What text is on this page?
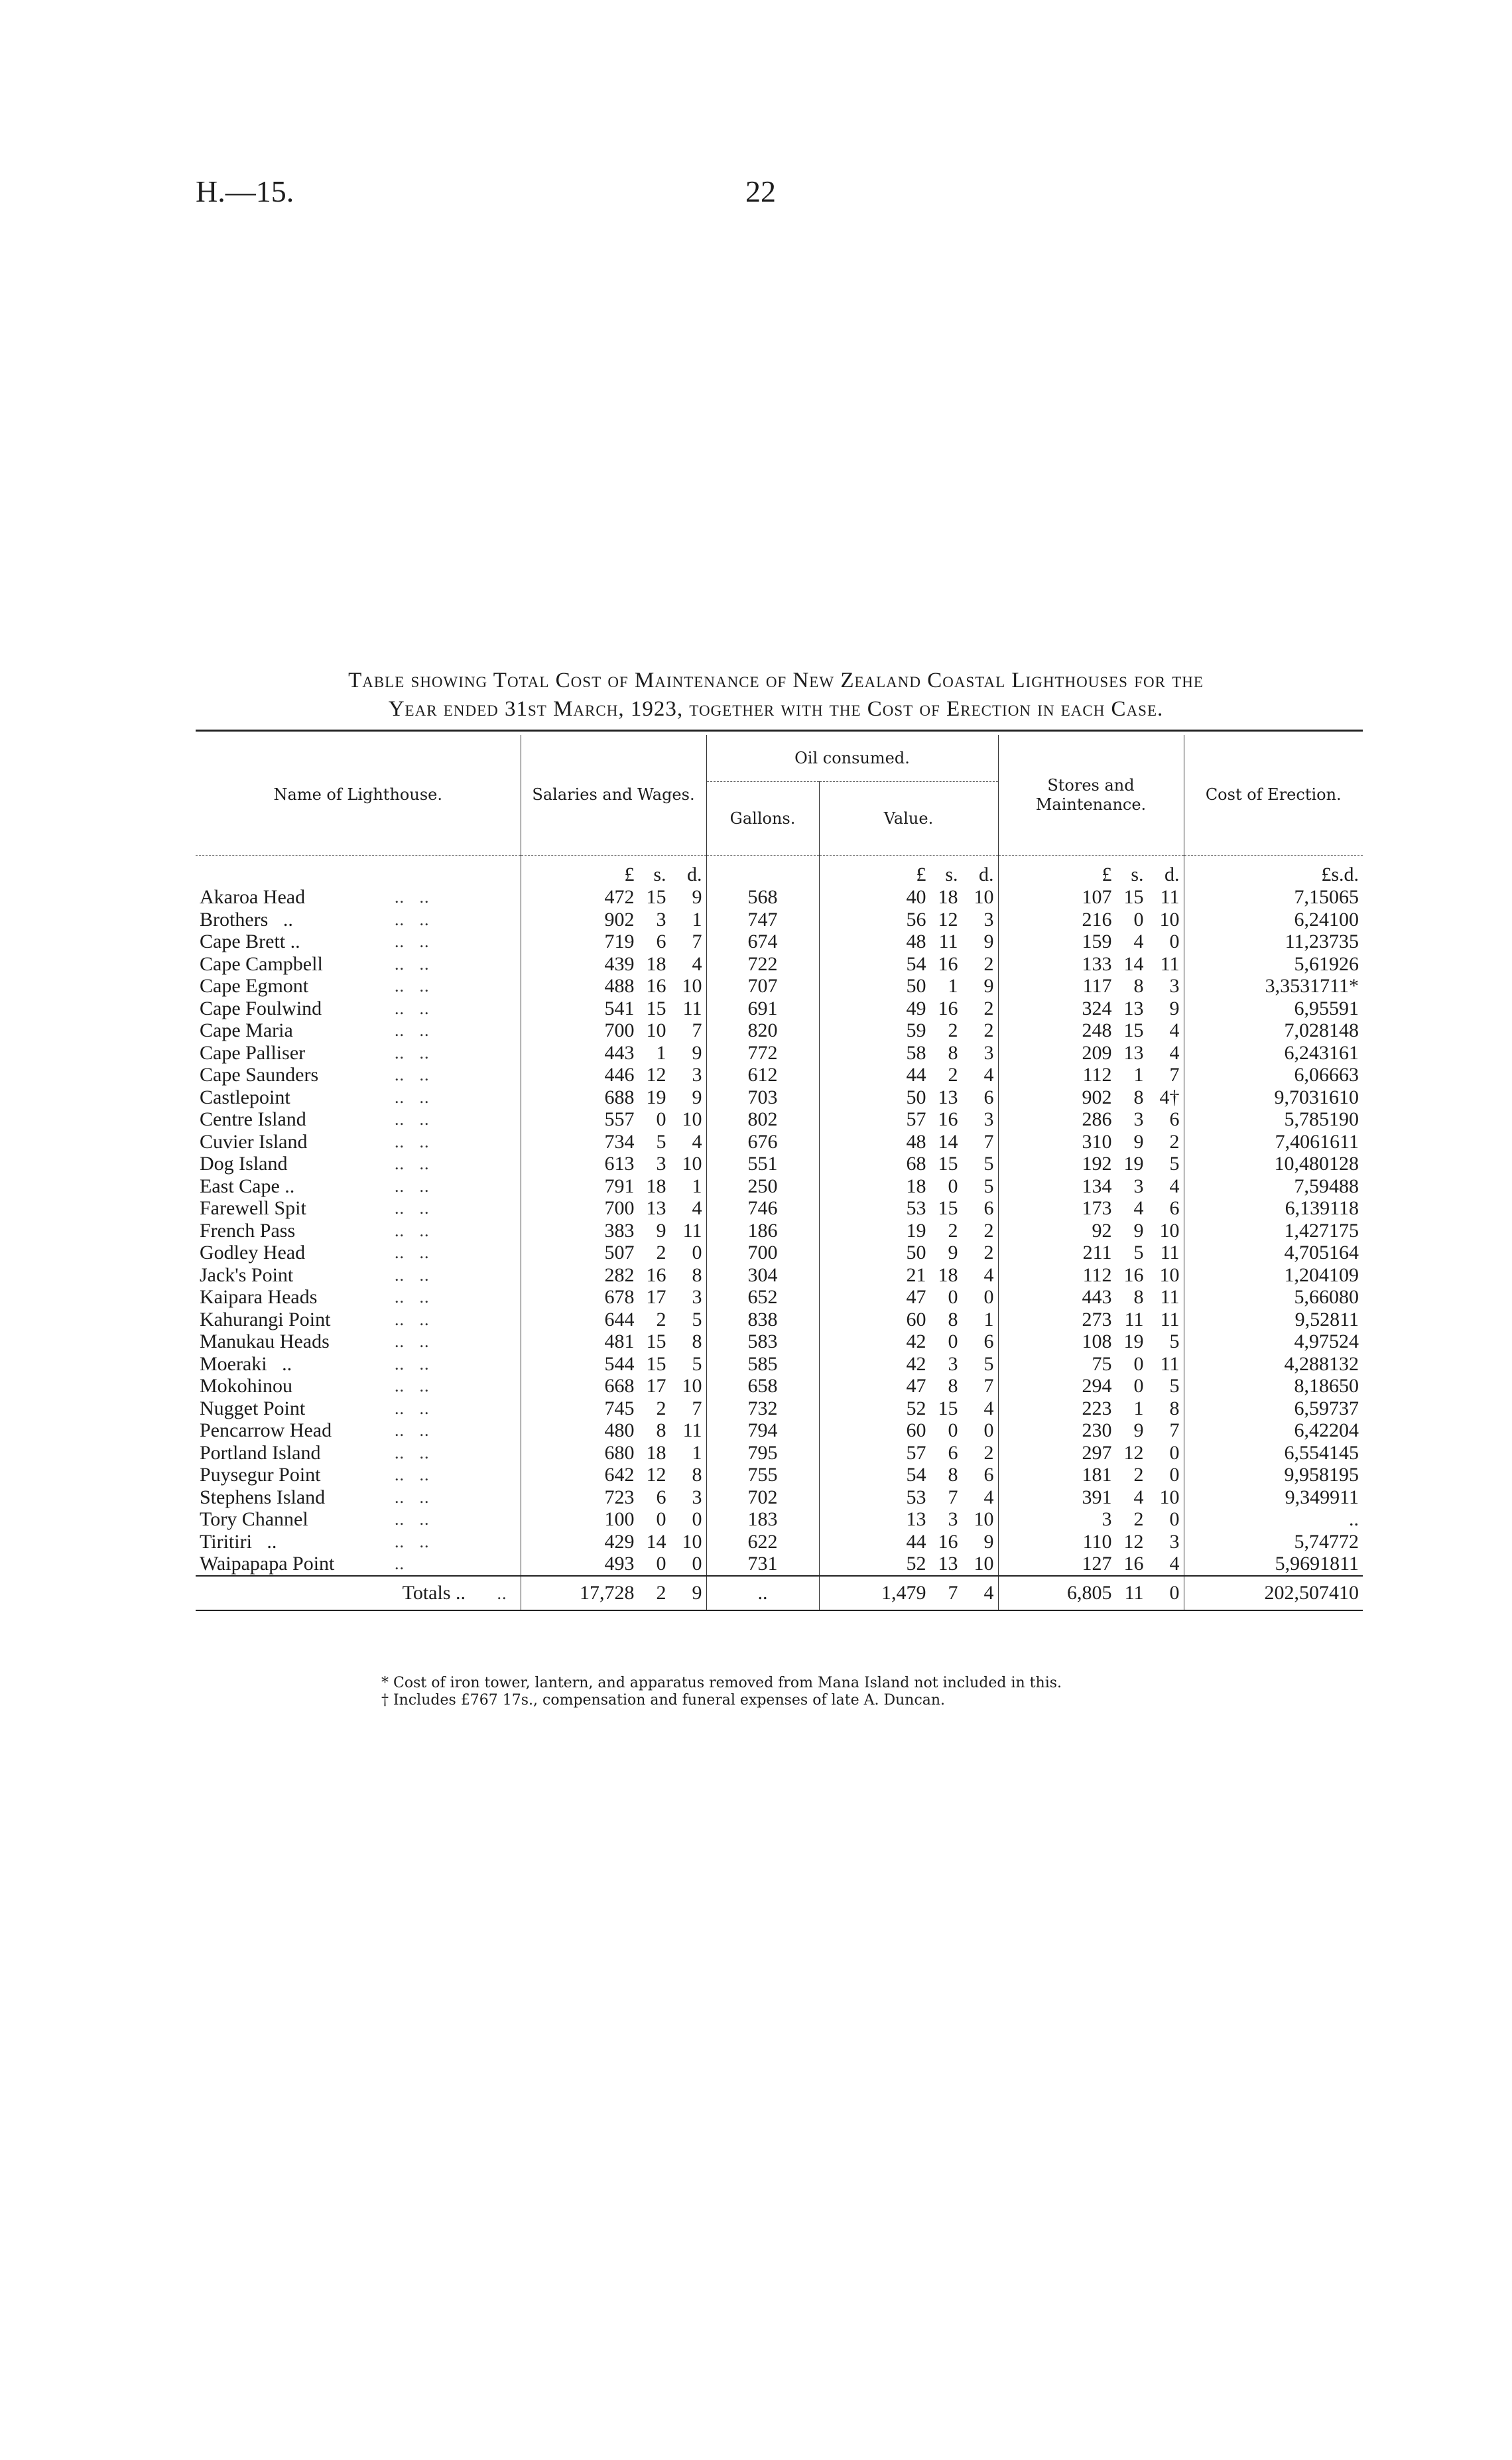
H.—15.	22
Table showing Total Cost of Maintenance of New Zealand Coastal Lighthouses for the
Year ended 31st March, 1923, together with the Cost of Erection in each Case.
Name of Lighthouse.	Salaries and Wages.	Oil consumed.		Stores and Maintenance.	Cost of Erection.
		Gallons.	Value.		
	£ s. d.		£ s. d.	£ s. d.	£s.d.
Akaroa Head ..   ..	472 15 9	568	40 18 10	107 15 11	7,15065
Brothers   .. ..   ..	902 3 1	747	56 12 3	216 0 10	6,24100
Cape Brett .. ..   ..	719 6 7	674	48 11 9	159 4 0	11,23735
Cape Campbell ..   ..	439 18 4	722	54 16 2	133 14 11	5,61926
Cape Egmont ..   ..	488 16 10	707	50 1 9	117 8 3	3,3531711*
Cape Foulwind ..   ..	541 15 11	691	49 16 2	324 13 9	6,95591
Cape Maria ..   ..	700 10 7	820	59 2 2	248 15 4	7,028148
Cape Palliser ..   ..	443 1 9	772	58 8 3	209 13 4	6,243161
Cape Saunders ..   ..	446 12 3	612	44 2 4	112 1 7	6,06663
Castlepoint ..   ..	688 19 9	703	50 13 6	902 8 4†	9,7031610
Centre Island ..   ..	557 0 10	802	57 16 3	286 3 6	5,785190
Cuvier Island ..   ..	734 5 4	676	48 14 7	310 9 2	7,4061611
Dog Island ..   ..	613 3 10	551	68 15 5	192 19 5	10,480128
East Cape .. ..   ..	791 18 1	250	18 0 5	134 3 4	7,59488
Farewell Spit ..   ..	700 13 4	746	53 15 6	173 4 6	6,139118
French Pass ..   ..	383 9 11	186	19 2 2	92 9 10	1,427175
Godley Head ..   ..	507 2 0	700	50 9 2	211 5 11	4,705164
Jack's Point ..   ..	282 16 8	304	21 18 4	112 16 10	1,204109
Kaipara Heads ..   ..	678 17 3	652	47 0 0	443 8 11	5,66080
Kahurangi Point ..   ..	644 2 5	838	60 8 1	273 11 11	9,52811
Manukau Heads ..   ..	481 15 8	583	42 0 6	108 19 5	4,97524
Moeraki   .. ..   ..	544 15 5	585	42 3 5	75 0 11	4,288132
Mokohinou ..   ..	668 17 10	658	47 8 7	294 0 5	8,18650
Nugget Point ..   ..	745 2 7	732	52 15 4	223 1 8	6,59737
Pencarrow Head ..   ..	480 8 11	794	60 0 0	230 9 7	6,42204
Portland Island ..   ..	680 18 1	795	57 6 2	297 12 0	6,554145
Puysegur Point ..   ..	642 12 8	755	54 8 6	181 2 0	9,958195
Stephens Island ..   ..	723 6 3	702	53 7 4	391 4 10	9,349911
Tory Channel ..   ..	100 0 0	183	13 3 10	3 2 0	..
Tiritiri   .. ..   ..	429 14 10	622	44 16 9	110 12 3	5,74772
Waipapapa Point ..	493 0 0	731	52 13 10	127 16 4	5,9691811
Totals .. ..	17,728 2 9	..	1,479 7 4	6,805 11 0	202,507410
* Cost of iron tower, lantern, and apparatus removed from Mana Island not included in this.
† Includes £767 17s., compensation and funeral expenses of late A. Duncan.
